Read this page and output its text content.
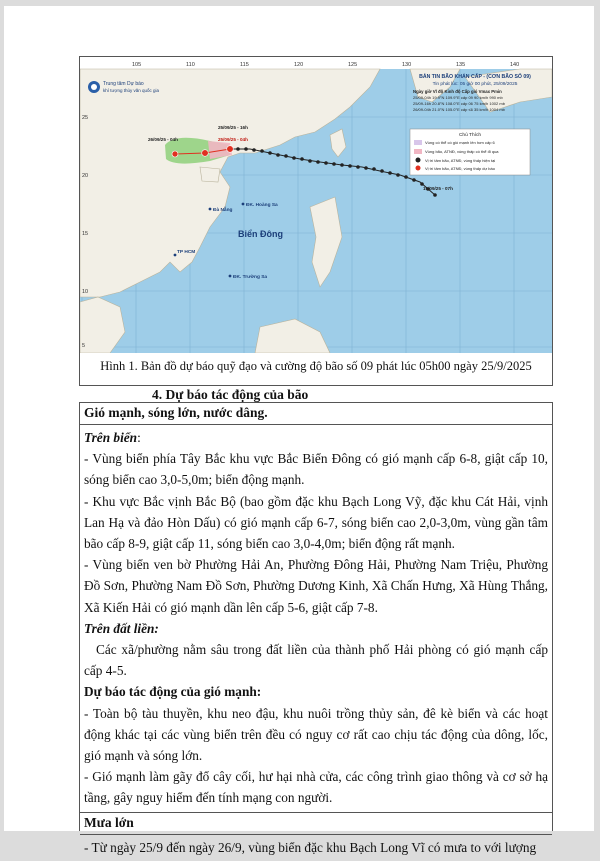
105	110	115	120	125	130	135	140
25
20
15
10
5
Trung tâm Dự báo
khí tượng thủy văn quốc gia
BẢN TIN BÃO KHẨN CẤP - (CƠN BÃO SỐ 09)
Tin phát lúc: 05 giờ 00 phút, 25/09/2025
Ngày giờ Vĩ độ Kinh độ Cấp gió Vmax Pmin
25/09-04h 19.9°N 109.9°E cấp 09 90 km/h 990 mb
25/09-16h 20.8°N 108.0°E cấp 06 75 km/h 1002 mb
26/09-04h 21.0°N 105.0°E cấp ≤6 35 km/h 1004 mb
Chú Thích
Vùng có thể có gió mạnh lên hơn cấp 6
Vùng bão, ATNĐ, vùng thấp có thể đi qua
Vị trí tâm bão, ATNĐ, vùng thấp hiện tại
Vị trí tâm bão, ATNĐ, vùng thấp dự báo
25/09/25 - 16h
25/09/25 - 04h
26/09/25 - 04h
19/09/25 - 07h
Đà Nẵng
ĐK. Hoàng Sa
TP HCM
ĐK. Trường Sa
Biển Đông
Hình 1. Bản đồ dự báo quỹ đạo và cường độ bão số 09 phát lúc 05h00 ngày 25/9/2025
4. Dự báo tác động của bão
Gió mạnh, sóng lớn, nước dâng.

Trên biển:

- Vùng biển phía Tây Bắc khu vực Bắc Biển Đông có gió mạnh cấp 6-8, giật cấp 10, sóng biển cao 3,0-5,0m; biển động mạnh.

- Khu vực Bắc vịnh Bắc Bộ (bao gồm đặc khu Bạch Long Vỹ, đặc khu Cát Hải, vịnh Lan Hạ và đảo Hòn Dấu) có gió mạnh cấp 6-7, sóng biển cao 2,0-3,0m, vùng gần tâm bão cấp 8-9, giật cấp 11, sóng biển cao 3,0-4,0m; biển động rất mạnh.

- Vùng biển ven bờ Phường Hải An, Phường Đông Hải, Phường Nam Triệu, Phường Đồ Sơn, Phường Nam Đồ Sơn, Phường Dương Kinh, Xã Chấn Hưng, Xã Hùng Thắng, Xã Kiến Hải có gió mạnh dần lên cấp 5-6, giật cấp 7-8.

Trên đất liền:

Các xã/phường nằm sâu trong đất liền của thành phố Hải phòng có gió mạnh cấp cấp 4-5.

Dự báo tác động của gió mạnh:

- Toàn bộ tàu thuyền, khu neo đậu, khu nuôi trồng thủy sản, đê kè biển và các hoạt động khác tại các vùng biển trên đều có nguy cơ rất cao chịu tác động của dông, lốc, gió mạnh và sóng lớn.

- Gió mạnh làm gãy đổ cây cối, hư hại nhà cửa, các công trình giao thông và cơ sở hạ tầng, gây nguy hiểm đến tính mạng con người.

Mưa lớn

- Từ ngày 25/9 đến ngày 26/9, vùng biển đặc khu Bạch Long Vĩ có mưa to với lượng
